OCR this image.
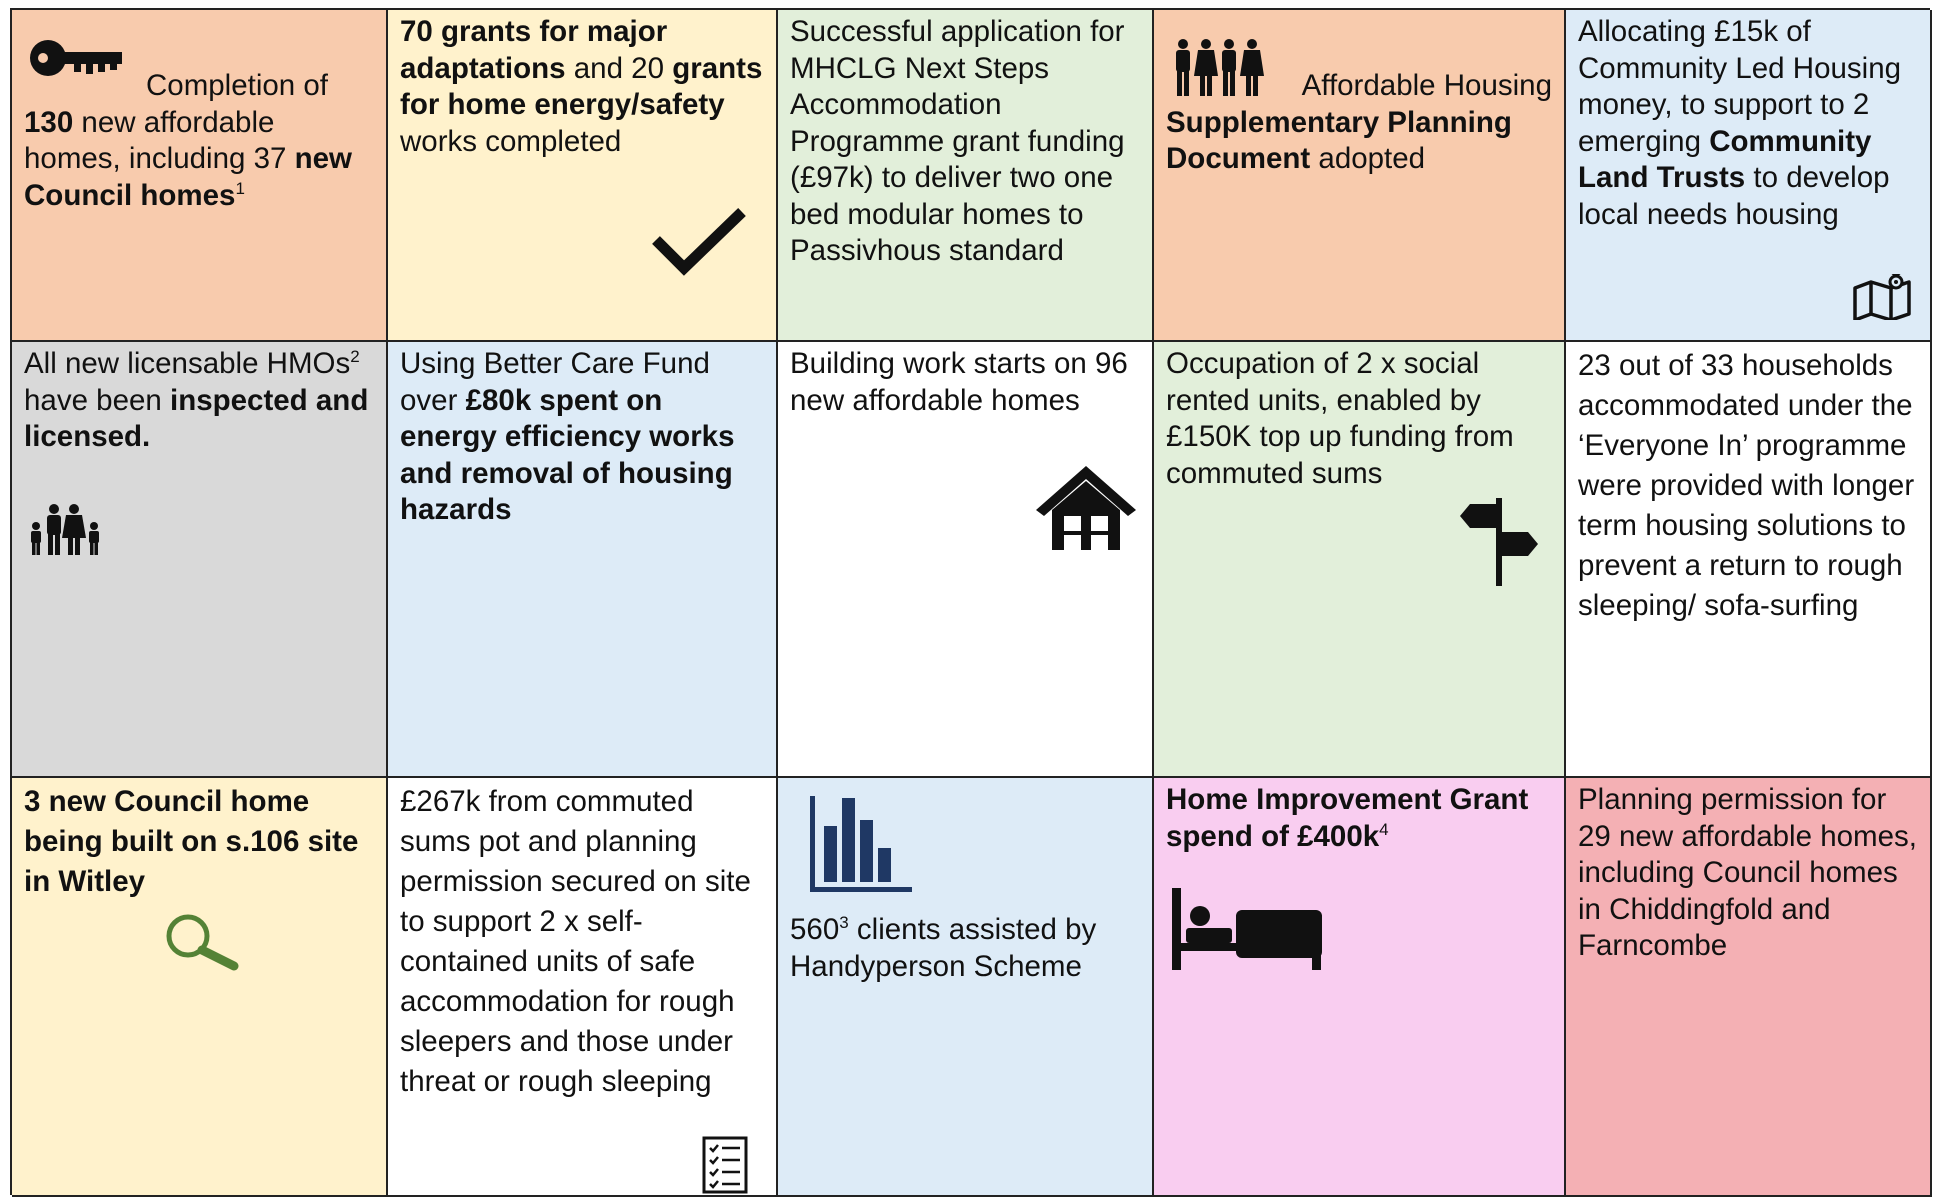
Completion of
130 new affordable homes, including 37 new Council homes$^1$
70 grants for major adaptations and 20 grants for home energy/safety works completed
Successful application for MHCLG Next Steps Accommodation Programme grant funding (£97k) to deliver two one bed modular homes to Passivhous standard
Affordable Housing
Supplementary Planning Document adopted
Allocating £15k of Community Led Housing money, to support to 2 emerging Community Land Trusts to develop local needs housing
All new licensable HMOs$^2$ have been inspected and licensed.
Using Better Care Fund over £80k spent on energy efficiency works and removal of housing hazards
Building work starts on 96 new affordable homes
Occupation of 2 x social rented units, enabled by £150K top up funding from commuted sums
23 out of 33 households accommodated under the ‘Everyone In’ programme were provided with longer term housing solutions to prevent a return to rough sleeping/ sofa-surfing
3 new Council home being built on s.106 site in Witley
£267k from commuted sums pot and planning permission secured on site to support 2 x self-contained units of safe accommodation for rough sleepers and those under threat or rough sleeping
$560^3$ clients assisted by Handyperson Scheme
Home Improvement Grant spend of $£400k^4$
Planning permission for 29 new affordable homes, including Council homes in Chiddingfold and Farncombe
